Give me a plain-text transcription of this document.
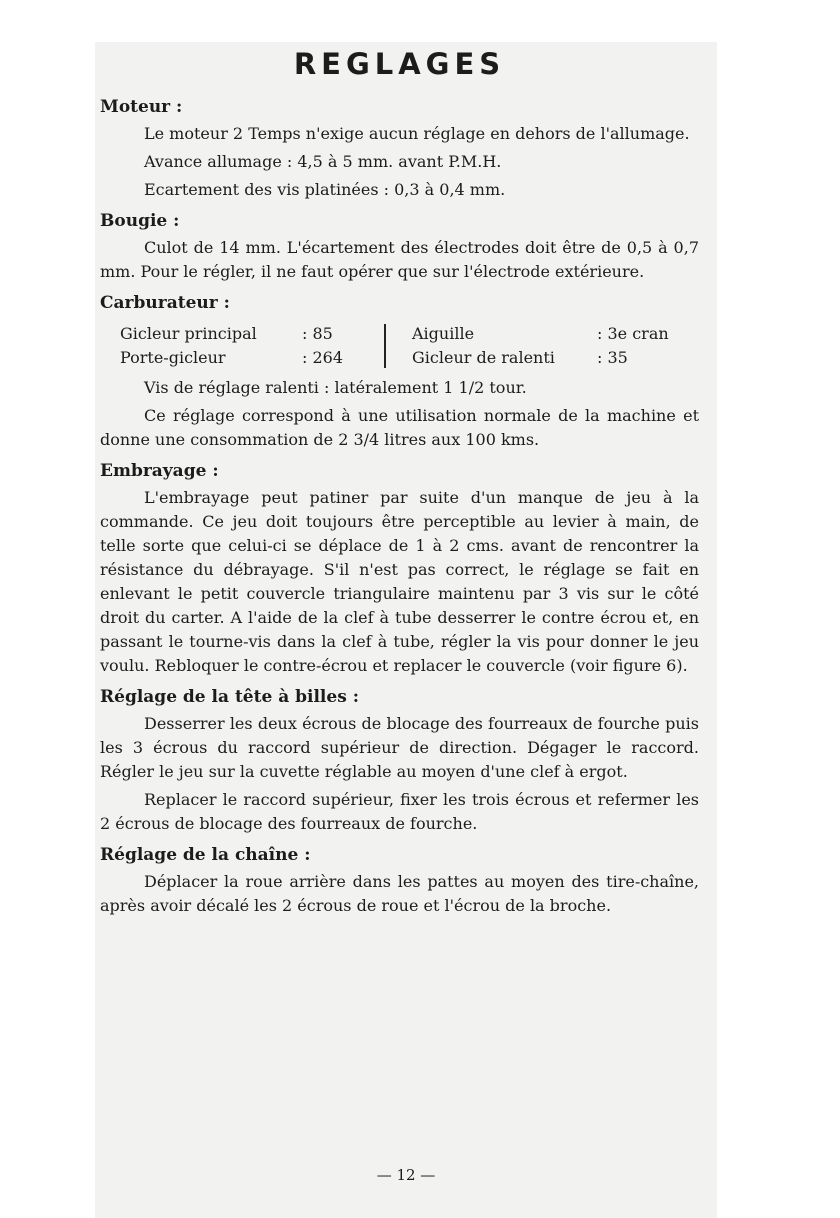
REGLAGES
Moteur :

Le moteur 2 Temps n'exige aucun réglage en dehors de l'allumage.

Avance allumage : 4,5 à 5 mm. avant P.M.H.

Ecartement des vis platinées : 0,3 à 0,4 mm.

Bougie :

Culot de 14 mm. L'écartement des électrodes doit être de 0,5 à 0,7 mm. Pour le régler, il ne faut opérer que sur l'électrode extérieure.

Carburateur :
Gicleur principal	: 85
Porte-gicleur	: 264
Aiguille	: 3e cran
Gicleur de ralenti	: 35

Vis de réglage ralenti : latéralement 1 1/2 tour.

Ce réglage correspond à une utilisation normale de la machine et donne une consommation de 2 3/4 litres aux 100 kms.

Embrayage :

L'embrayage peut patiner par suite d'un manque de jeu à la commande. Ce jeu doit toujours être perceptible au levier à main, de telle sorte que celui-ci se déplace de 1 à 2 cms. avant de rencontrer la résistance du débrayage. S'il n'est pas correct, le réglage se fait en enlevant le petit couvercle triangulaire maintenu par 3 vis sur le côté droit du carter. A l'aide de la clef à tube desserrer le contre écrou et, en passant le tourne-vis dans la clef à tube, régler la vis pour donner le jeu voulu. Rebloquer le contre-écrou et replacer le couvercle (voir figure 6).

Réglage de la tête à billes :

Desserrer les deux écrous de blocage des fourreaux de fourche puis les 3 écrous du raccord supérieur de direction. Dégager le raccord. Régler le jeu sur la cuvette réglable au moyen d'une clef à ergot.

Replacer le raccord supérieur, fixer les trois écrous et refermer les 2 écrous de blocage des fourreaux de fourche.

Réglage de la chaîne :

Déplacer la roue arrière dans les pattes au moyen des tire-chaîne, après avoir décalé les 2 écrous de roue et l'écrou de la broche.

— 12 —
